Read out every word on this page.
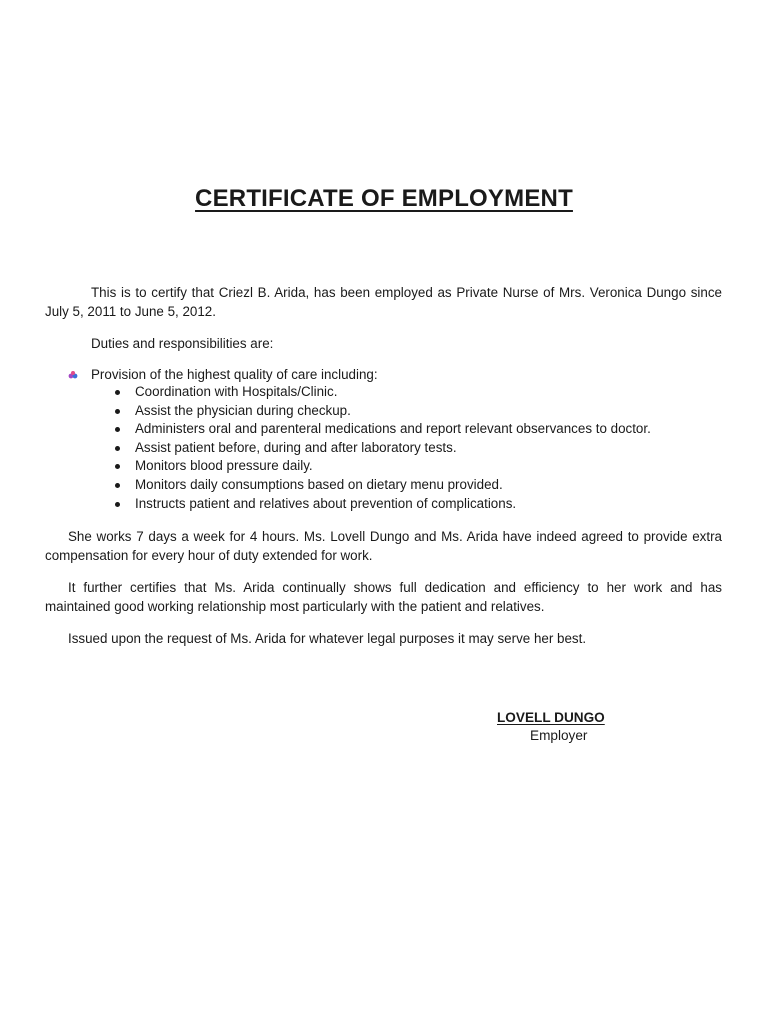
CERTIFICATE OF EMPLOYMENT
This is to certify that Criezl B. Arida, has been employed as Private Nurse of Mrs. Veronica Dungo since July 5, 2011 to June 5, 2012.
Duties and responsibilities are:
Provision of the highest quality of care including:
Coordination with Hospitals/Clinic.
Assist the physician during checkup.
Administers oral and parenteral medications and report relevant observances to doctor.
Assist patient before, during and after laboratory tests.
Monitors blood pressure daily.
Monitors daily consumptions based on dietary menu provided.
Instructs patient and relatives about prevention of complications.
She works 7 days a week for 4 hours. Ms. Lovell Dungo and Ms. Arida have indeed agreed to provide extra compensation for every hour of duty extended for work.
It further certifies that Ms. Arida continually shows full dedication and efficiency to her work and has maintained good working relationship most particularly with the patient and relatives.
Issued upon the request of Ms. Arida for whatever legal purposes it may serve her best.
LOVELL DUNGO
Employer
